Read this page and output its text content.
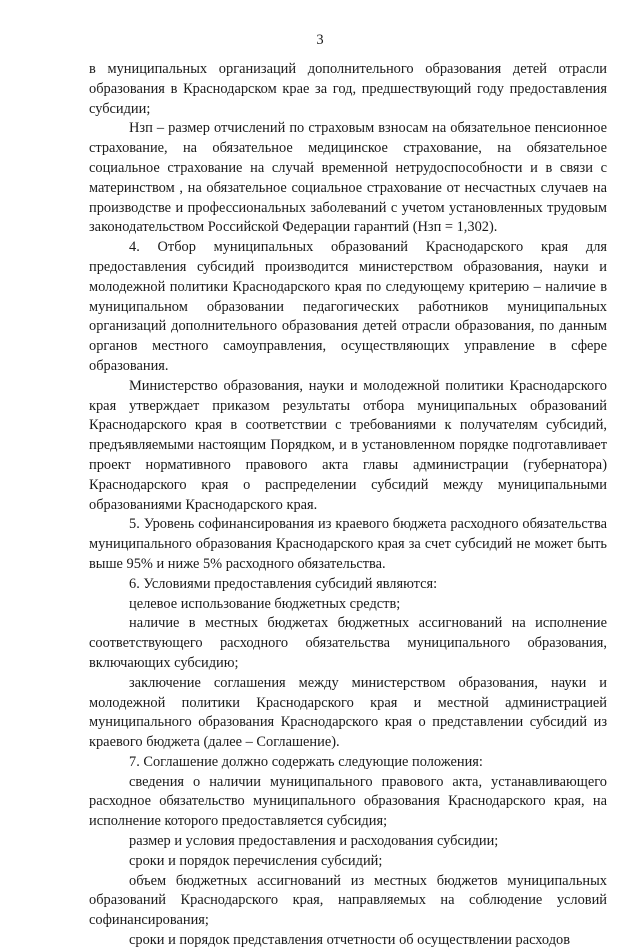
3

в муниципальных организаций дополнительного образования детей отрасли образования в Краснодарском крае за год, предшествующий году предоставления субсидии;

Нзп – размер отчислений по страховым взносам на обязательное пенсионное страхование, на обязательное медицинское страхование, на обязательное социальное страхование на случай временной нетрудоспособности и в связи с материнством , на обязательное социальное страхование от несчастных случаев на производстве и профессиональных заболеваний с учетом установленных трудовым законодательством Российской Федерации гарантий (Нзп = 1,302).

4. Отбор муниципальных образований Краснодарского края для предоставления субсидий производится министерством образования, науки и молодежной политики Краснодарского края по следующему критерию – наличие в муниципальном образовании педагогических работников муниципальных организаций дополнительного образования детей отрасли образования, по данным органов местного самоуправления, осуществляющих управление в сфере образования.

Министерство образования, науки и молодежной политики Краснодарского края утверждает приказом результаты отбора муниципальных образований Краснодарского края в соответствии с требованиями к получателям субсидий, предъявляемыми настоящим Порядком, и в установленном порядке подготавливает проект нормативного правового акта главы администрации (губернатора) Краснодарского края о распределении субсидий между муниципальными образованиями Краснодарского края.

5. Уровень софинансирования из краевого бюджета расходного обязательства муниципального образования Краснодарского края за счет субсидий не может быть выше 95% и ниже 5% расходного обязательства.

6. Условиями предоставления субсидий являются:

целевое использование бюджетных средств;

наличие в местных бюджетах бюджетных ассигнований на исполнение соответствующего расходного обязательства муниципального образования, включающих субсидию;

заключение соглашения между министерством образования, науки и молодежной политики Краснодарского края и местной администрацией муниципального образования Краснодарского края о представлении субсидий из краевого бюджета (далее – Соглашение).

7. Соглашение должно содержать следующие положения:

сведения о наличии муниципального правового акта, устанавливающего расходное обязательство муниципального образования Краснодарского края, на исполнение которого предоставляется субсидия;

размер и условия предоставления и расходования субсидии;

сроки и порядок перечисления субсидий;

объем бюджетных ассигнований из местных бюджетов муниципальных образований Краснодарского края, направляемых на соблюдение условий софинансирования;

сроки и порядок представления отчетности об осуществлении расходов
